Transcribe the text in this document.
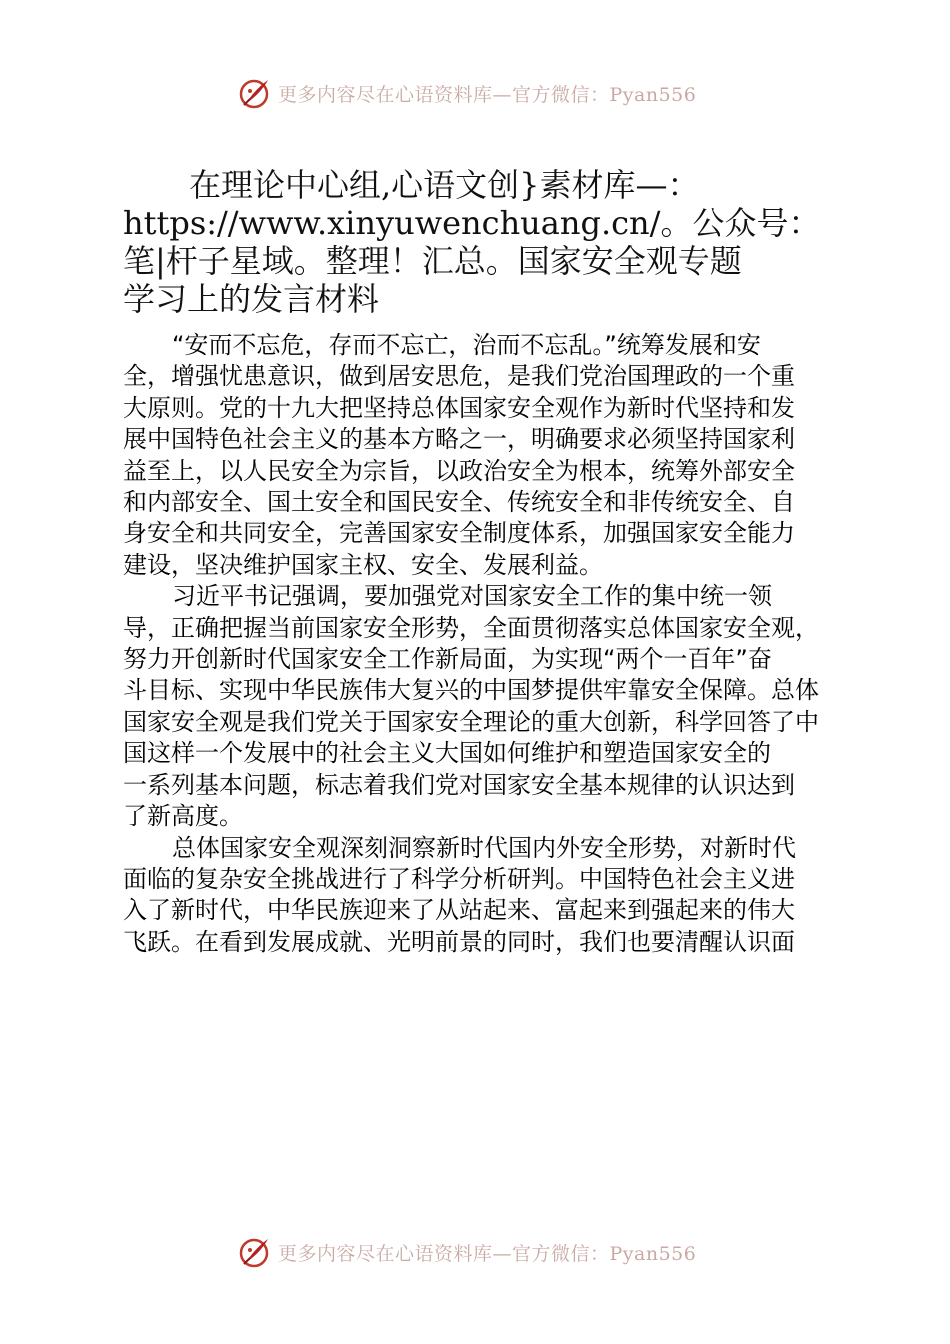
更多内容尽在心语资料库—官方微信：Pyan556
在理论中心组,心语文创}素材库—：
https://www.xinyuwenchuang.cn/。公众号：
笔|杆子星域。整理！汇总。国家安全观专题
学习上的发言材料
“安而不忘危，存而不忘亡，治而不忘乱。”统筹发展和安
全，增强忧患意识，做到居安思危，是我们党治国理政的一个重
大原则。党的十九大把坚持总体国家安全观作为新时代坚持和发
展中国特色社会主义的基本方略之一，明确要求必须坚持国家利
益至上，以人民安全为宗旨，以政治安全为根本，统筹外部安全
和内部安全、国土安全和国民安全、传统安全和非传统安全、自
身安全和共同安全，完善国家安全制度体系，加强国家安全能力
建设，坚决维护国家主权、安全、发展利益。
习近平书记强调，要加强党对国家安全工作的集中统一领
导，正确把握当前国家安全形势，全面贯彻落实总体国家安全观，
努力开创新时代国家安全工作新局面，为实现“两个一百年”奋
斗目标、实现中华民族伟大复兴的中国梦提供牢靠安全保障。总体
国家安全观是我们党关于国家安全理论的重大创新，科学回答了中
国这样一个发展中的社会主义大国如何维护和塑造国家安全的
一系列基本问题，标志着我们党对国家安全基本规律的认识达到
了新高度。
总体国家安全观深刻洞察新时代国内外安全形势，对新时代
面临的复杂安全挑战进行了科学分析研判。中国特色社会主义进
入了新时代，中华民族迎来了从站起来、富起来到强起来的伟大
飞跃。在看到发展成就、光明前景的同时，我们也要清醒认识面
更多内容尽在心语资料库—官方微信：Pyan556
